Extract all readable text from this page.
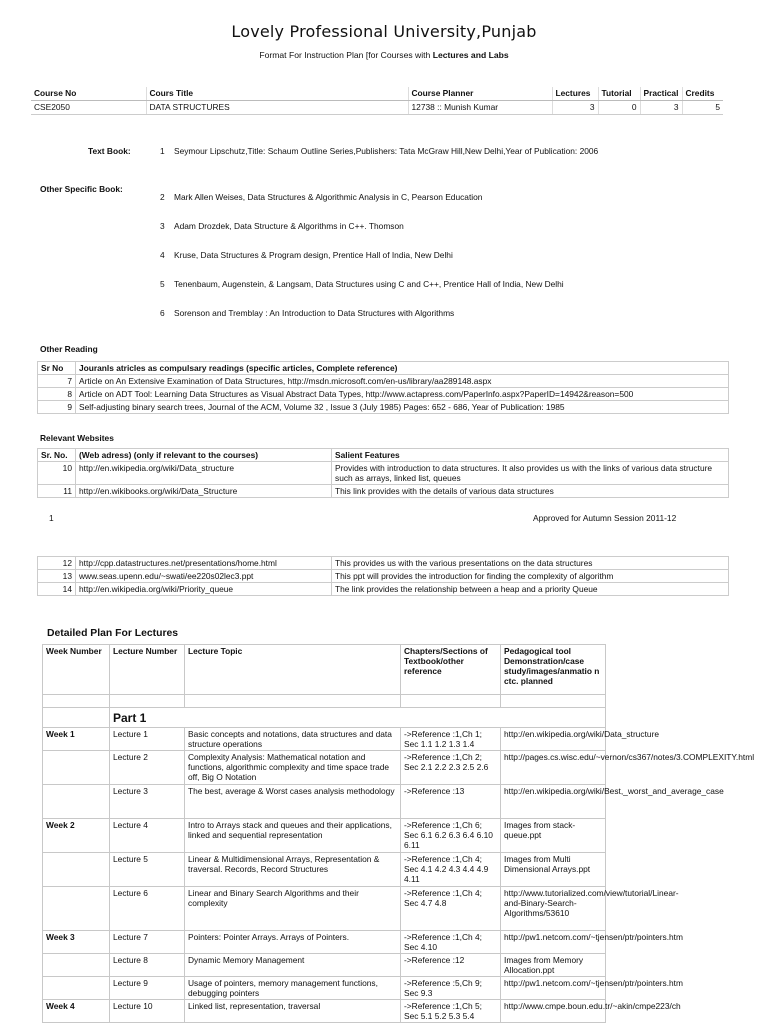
Lovely Professional University,Punjab
Format For Instruction Plan [for Courses with Lectures and Labs
Course No	Cours Title	Course Planner	Lectures	Tutorial	Practical	Credits
CSE2050	DATA STRUCTURES	12738 :: Munish Kumar	3	0	3	5
Text Book:	1 Seymour Lipschutz,Title: Schaum Outline Series,Publishers: Tata McGraw Hill,New Delhi,Year of Publication: 2006
Other Specific Book:
2 Mark Allen Weises, Data Structures & Algorithmic Analysis in C, Pearson Education
3 Adam Drozdek, Data Structure & Algorithms in C++. Thomson
4 Kruse, Data Structures & Program design, Prentice Hall of India, New Delhi
5 Tenenbaum, Augenstein, & Langsam, Data Structures using C and C++, Prentice Hall of India, New Delhi
6 Sorenson and Tremblay : An Introduction to Data Structures with Algorithms
Other Reading
Sr No	Jouranls atricles as compulsary readings (specific articles, Complete reference)
7	Article on An Extensive Examination of Data Structures, http://msdn.microsoft.com/en-us/library/aa289148.aspx
8	Article on ADT Tool: Learning Data Structures as Visual Abstract Data Types, http://www.actapress.com/PaperInfo.aspx?PaperID=14942&reason=500
9	Self-adjusting binary search trees, Journal of the ACM, Volume 32 , Issue 3 (July 1985) Pages: 652 - 686, Year of Publication: 1985
Relevant Websites
Sr. No.	(Web adress) (only if relevant to the courses)	Salient Features
10	http://en.wikipedia.org/wiki/Data_structure	Provides with introduction to data structures. It also provides us with the links of various data structure such as arrays, linked list, queues
11	http://en.wikibooks.org/wiki/Data_Structure	This link provides with the details of various data structures
1	Approved for Autumn Session 2011-12
12	http://cpp.datastructures.net/presentations/home.html	This provides us with the various presentations on the data structures
13	www.seas.upenn.edu/~swati/ee220s02lec3.ppt	This ppt will provides the introduction for finding the complexity of algorithm
14	http://en.wikipedia.org/wiki/Priority_queue	The link provides the relationship between a heap and a priority Queue
Detailed Plan For Lectures
Week Number	Lecture Number	Lecture Topic	Chapters/Sections of Textbook/other reference	Pedagogical tool Demonstration/case study/images/anmatio n ctc. planned

	Part 1			
Week 1	Lecture 1	Basic concepts and notations, data structures and data structure operations	->Reference :1,Ch 1; Sec 1.1 1.2 1.3 1.4	http://en.wikipedia.org/wiki/Data_structure
	Lecture 2	Complexity Analysis: Mathematical notation and functions, algorithmic complexity and time space trade off, Big O Notation	->Reference :1,Ch 2; Sec 2.1 2.2 2.3 2.5 2.6	http://pages.cs.wisc.edu/~vernon/cs367/notes/3.COMPLEXITY.html
	Lecture 3	The best, average & Worst cases analysis methodology	->Reference :13	http://en.wikipedia.org/wiki/Best,_worst_and_average_case
Week 2	Lecture 4	Intro to Arrays stack and queues and their applications, linked and sequential representation	->Reference :1,Ch 6; Sec 6.1 6.2 6.3 6.4 6.10 6.11	Images from stack-queue.ppt
	Lecture 5	Linear & Multidimensional Arrays, Representation & traversal. Records, Record Structures	->Reference :1,Ch 4; Sec 4.1 4.2 4.3 4.4 4.9 4.11	Images from Multi Dimensional Arrays.ppt
	Lecture 6	Linear and Binary Search Algorithms and their complexity	->Reference :1,Ch 4; Sec 4.7 4.8	http://www.tutorialized.com/view/tutorial/Linear-and-Binary-Search-Algorithms/53610
Week 3	Lecture 7	Pointers: Pointer Arrays. Arrays of Pointers.	->Reference :1,Ch 4; Sec 4.10	http://pw1.netcom.com/~tjensen/ptr/pointers.htm
	Lecture 8	Dynamic Memory Management	->Reference :12	Images from Memory Allocation.ppt
	Lecture 9	Usage of pointers, memory management functions, debugging pointers	->Reference :5,Ch 9; Sec 9.3	http://pw1.netcom.com/~tjensen/ptr/pointers.htm
Week 4	Lecture 10	Linked list, representation, traversal	->Reference :1,Ch 5; Sec 5.1 5.2 5.3 5.4	http://www.cmpe.boun.edu.tr/~akin/cmpe223/ch
